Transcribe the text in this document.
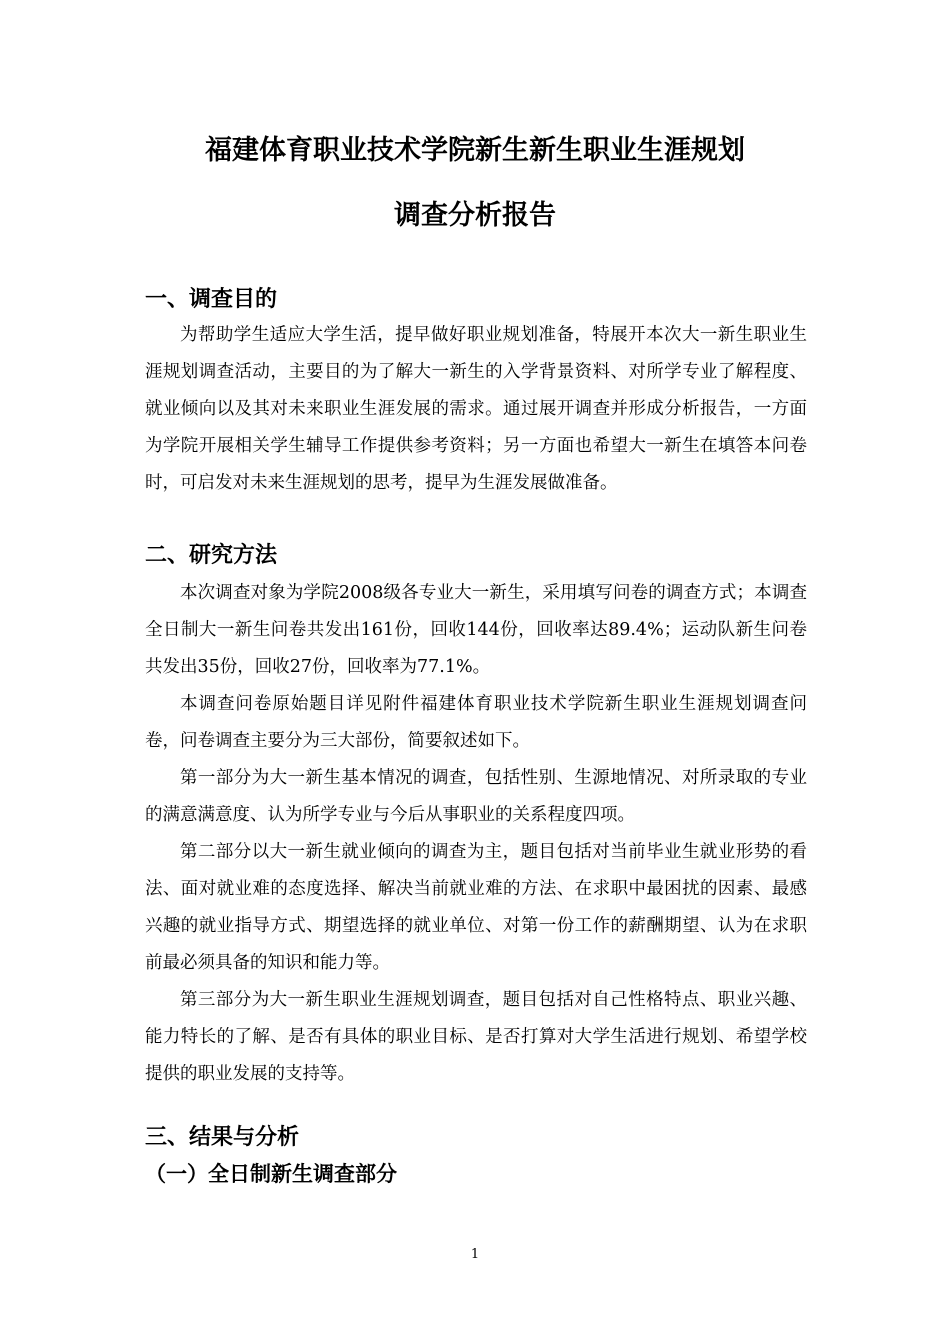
福建体育职业技术学院新生新生职业生涯规划
调查分析报告
一、调查目的

为帮助学生适应大学生活，提早做好职业规划准备，特展开本次大一新生职业生涯规划调查活动，主要目的为了解大一新生的入学背景资料、对所学专业了解程度、就业倾向以及其对未来职业生涯发展的需求。通过展开调查并形成分析报告，一方面为学院开展相关学生辅导工作提供参考资料；另一方面也希望大一新生在填答本问卷时，可启发对未来生涯规划的思考，提早为生涯发展做准备。

二、研究方法

本次调查对象为学院2008级各专业大一新生，采用填写问卷的调查方式；本调查全日制大一新生问卷共发出161份，回收144份，回收率达89.4%；运动队新生问卷共发出35份，回收27份，回收率为77.1%。

本调查问卷原始题目详见附件福建体育职业技术学院新生职业生涯规划调查问卷，问卷调查主要分为三大部份，简要叙述如下。

第一部分为大一新生基本情况的调查，包括性别、生源地情况、对所录取的专业的满意满意度、认为所学专业与今后从事职业的关系程度四项。

第二部分以大一新生就业倾向的调查为主，题目包括对当前毕业生就业形势的看法、面对就业难的态度选择、解决当前就业难的方法、在求职中最困扰的因素、最感兴趣的就业指导方式、期望选择的就业单位、对第一份工作的薪酬期望、认为在求职前最必须具备的知识和能力等。

第三部分为大一新生职业生涯规划调查，题目包括对自己性格特点、职业兴趣、能力特长的了解、是否有具体的职业目标、是否打算对大学生活进行规划、希望学校提供的职业发展的支持等。

三、结果与分析
（一）全日制新生调查部分
1
